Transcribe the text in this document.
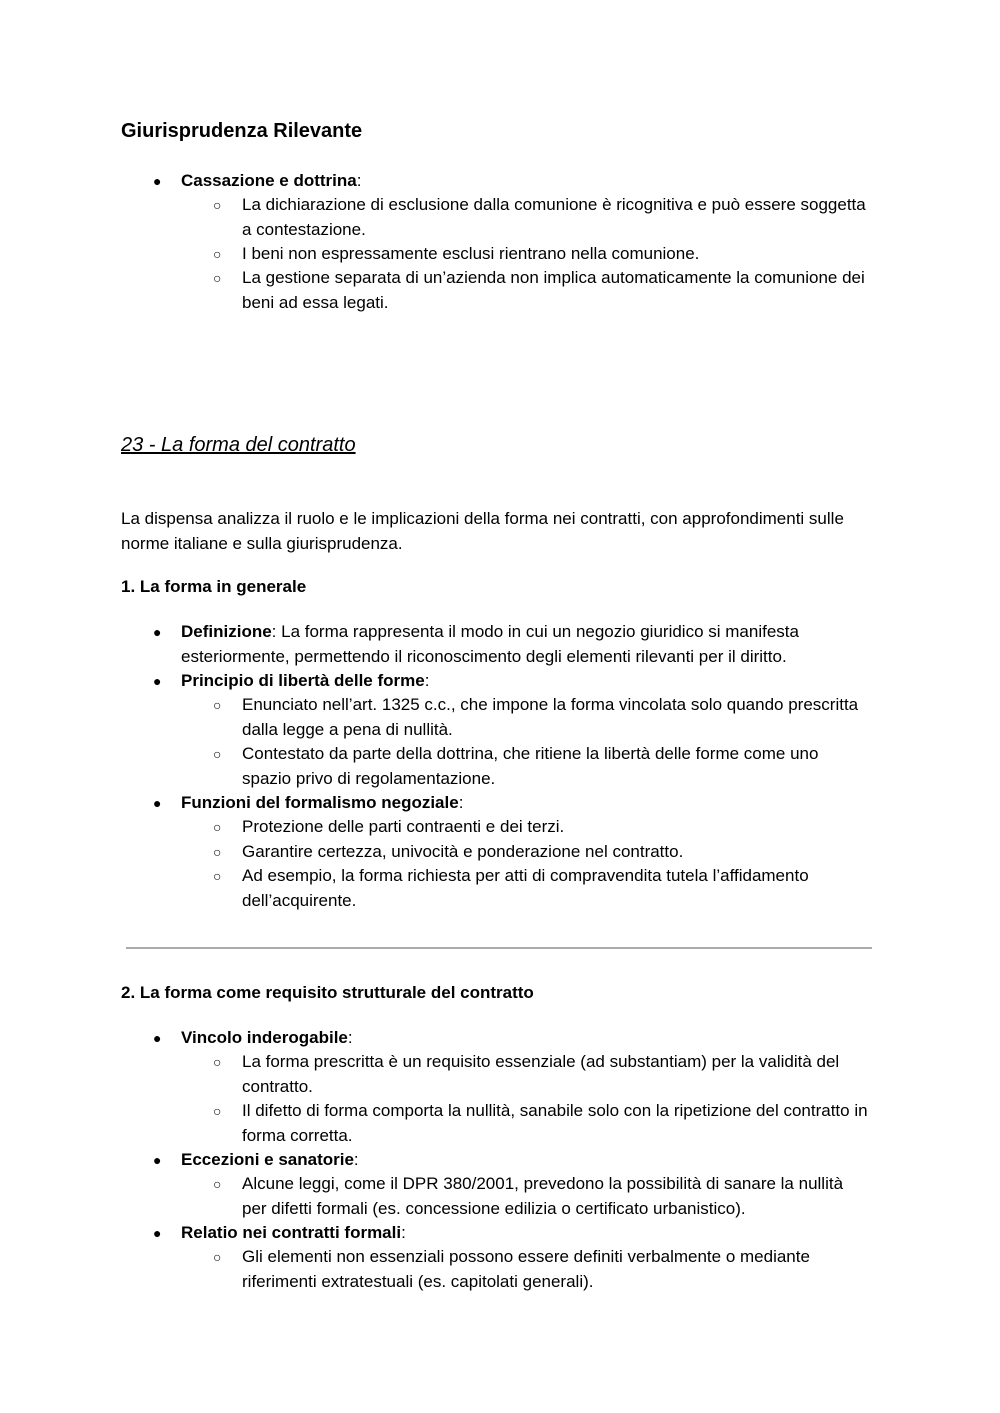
Giurisprudenza Rilevante
● Cassazione e dottrina:
○ La dichiarazione di esclusione dalla comunione è ricognitiva e può essere soggetta a contestazione.
○ I beni non espressamente esclusi rientrano nella comunione.
○ La gestione separata di un’azienda non implica automaticamente la comunione dei beni ad essa legati.
23 - La forma del contratto
La dispensa analizza il ruolo e le implicazioni della forma nei contratti, con approfondimenti sulle norme italiane e sulla giurisprudenza.
1. La forma in generale
● Definizione: La forma rappresenta il modo in cui un negozio giuridico si manifesta esteriormente, permettendo il riconoscimento degli elementi rilevanti per il diritto.
● Principio di libertà delle forme:
○ Enunciato nell’art. 1325 c.c., che impone la forma vincolata solo quando prescritta dalla legge a pena di nullità.
○ Contestato da parte della dottrina, che ritiene la libertà delle forme come uno spazio privo di regolamentazione.
● Funzioni del formalismo negoziale:
○ Protezione delle parti contraenti e dei terzi.
○ Garantire certezza, univocità e ponderazione nel contratto.
○ Ad esempio, la forma richiesta per atti di compravendita tutela l’affidamento dell’acquirente.
2. La forma come requisito strutturale del contratto
● Vincolo inderogabile:
○ La forma prescritta è un requisito essenziale (ad substantiam) per la validità del contratto.
○ Il difetto di forma comporta la nullità, sanabile solo con la ripetizione del contratto in forma corretta.
● Eccezioni e sanatorie:
○ Alcune leggi, come il DPR 380/2001, prevedono la possibilità di sanare la nullità per difetti formali (es. concessione edilizia o certificato urbanistico).
● Relatio nei contratti formali:
○ Gli elementi non essenziali possono essere definiti verbalmente o mediante riferimenti extratestuali (es. capitolati generali).
